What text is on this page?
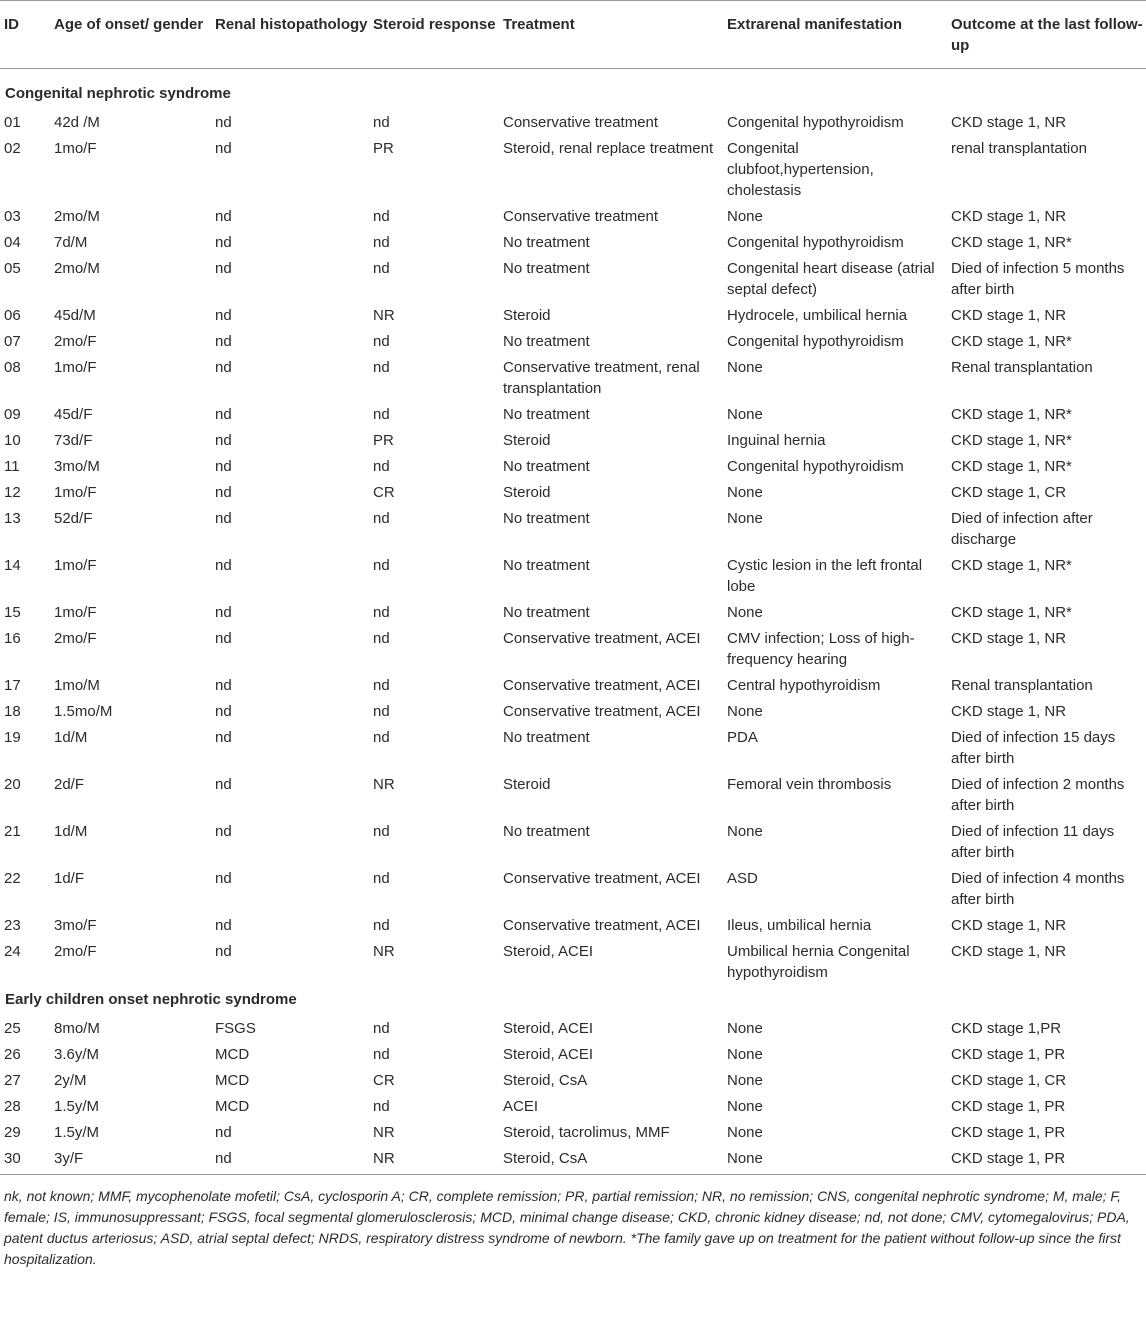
ID	Age of onset/ gender	Renal histopathology	Steroid response	Treatment	Extrarenal manifestation	Outcome at the last follow-up
Congenital nephrotic syndrome						
01	42d /M	nd	nd	Conservative treatment	Congenital hypothyroidism	CKD stage 1, NR
02	1mo/F	nd	PR	Steroid, renal replace treatment	Congenital clubfoot,hypertension, cholestasis	renal transplantation
03	2mo/M	nd	nd	Conservative treatment	None	CKD stage 1, NR
04	7d/M	nd	nd	No treatment	Congenital hypothyroidism	CKD stage 1, NR*
05	2mo/M	nd	nd	No treatment	Congenital heart disease (atrial septal defect)	Died of infection 5 months after birth
06	45d/M	nd	NR	Steroid	Hydrocele, umbilical hernia	CKD stage 1, NR
07	2mo/F	nd	nd	No treatment	Congenital hypothyroidism	CKD stage 1, NR*
08	1mo/F	nd	nd	Conservative treatment, renal transplantation	None	Renal transplantation
09	45d/F	nd	nd	No treatment	None	CKD stage 1, NR*
10	73d/F	nd	PR	Steroid	Inguinal hernia	CKD stage 1, NR*
11	3mo/M	nd	nd	No treatment	Congenital hypothyroidism	CKD stage 1, NR*
12	1mo/F	nd	CR	Steroid	None	CKD stage 1, CR
13	52d/F	nd	nd	No treatment	None	Died of infection after discharge
14	1mo/F	nd	nd	No treatment	Cystic lesion in the left frontal lobe	CKD stage 1, NR*
15	1mo/F	nd	nd	No treatment	None	CKD stage 1, NR*
16	2mo/F	nd	nd	Conservative treatment, ACEI	CMV infection; Loss of high-frequency hearing	CKD stage 1, NR
17	1mo/M	nd	nd	Conservative treatment, ACEI	Central hypothyroidism	Renal transplantation
18	1.5mo/M	nd	nd	Conservative treatment, ACEI	None	CKD stage 1, NR
19	1d/M	nd	nd	No treatment	PDA	Died of infection 15 days after birth
20	2d/F	nd	NR	Steroid	Femoral vein thrombosis	Died of infection 2 months after birth
21	1d/M	nd	nd	No treatment	None	Died of infection 11 days after birth
22	1d/F	nd	nd	Conservative treatment, ACEI	ASD	Died of infection 4 months after birth
23	3mo/F	nd	nd	Conservative treatment, ACEI	Ileus, umbilical hernia	CKD stage 1, NR
24	2mo/F	nd	NR	Steroid, ACEI	Umbilical hernia Congenital hypothyroidism	CKD stage 1, NR
Early children onset nephrotic syndrome						
25	8mo/M	FSGS	nd	Steroid, ACEI	None	CKD stage 1,PR
26	3.6y/M	MCD	nd	Steroid, ACEI	None	CKD stage 1, PR
27	2y/M	MCD	CR	Steroid, CsA	None	CKD stage 1, CR
28	1.5y/M	MCD	nd	ACEI	None	CKD stage 1, PR
29	1.5y/M	nd	NR	Steroid, tacrolimus, MMF	None	CKD stage 1, PR
30	3y/F	nd	NR	Steroid, CsA	None	CKD stage 1, PR
nk, not known; MMF, mycophenolate mofetil; CsA, cyclosporin A; CR, complete remission; PR, partial remission; NR, no remission; CNS, congenital nephrotic syndrome; M, male; F, female; IS, immunosuppressant; FSGS, focal segmental glomerulosclerosis; MCD, minimal change disease; CKD, chronic kidney disease; nd, not done; CMV, cytomegalovirus; PDA, patent ductus arteriosus; ASD, atrial septal defect; NRDS, respiratory distress syndrome of newborn. *The family gave up on treatment for the patient without follow-up since the first hospitalization.
